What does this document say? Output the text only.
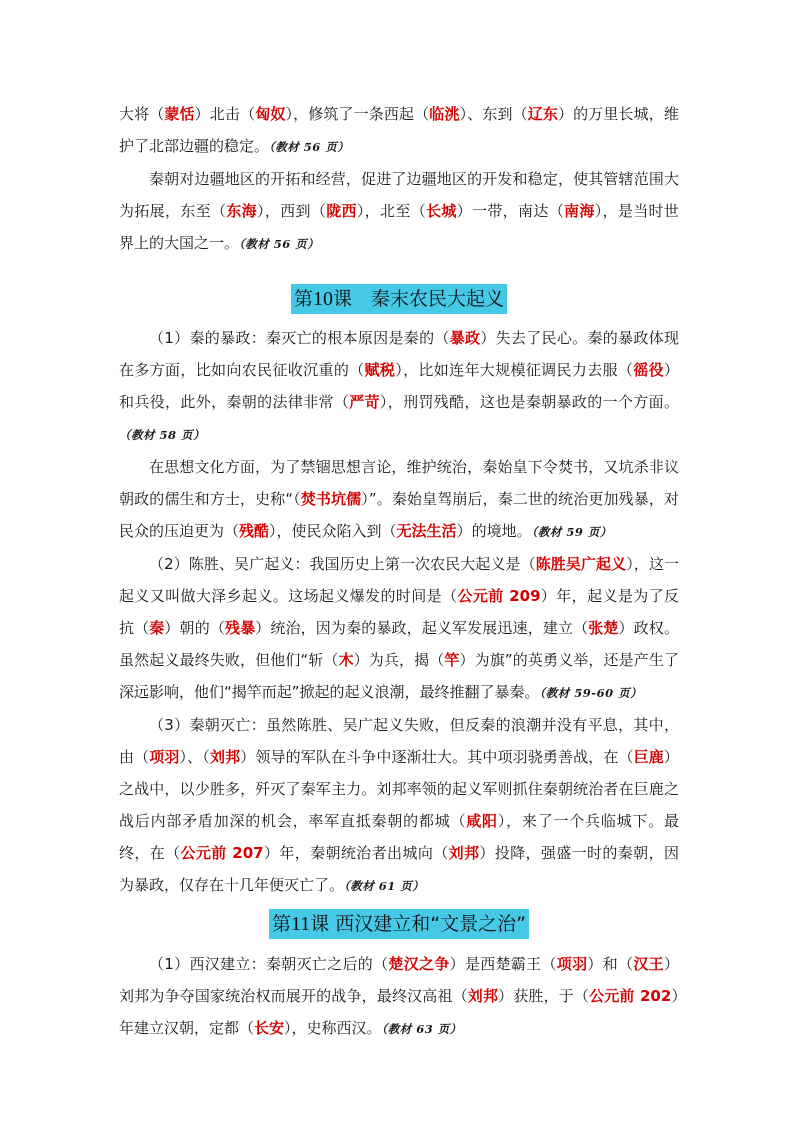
大将（蒙恬）北击（匈奴），修筑了一条西起（临洮）、东到（辽东）的万里长城，维护了北部边疆的稳定。（教材 56 页）

秦朝对边疆地区的开拓和经营，促进了边疆地区的开发和稳定，使其管辖范围大为拓展，东至（东海），西到（陇西），北至（长城）一带，南达（南海），是当时世界上的大国之一。（教材 56 页）

第10课　秦末农民大起义

（1）秦的暴政：秦灭亡的根本原因是秦的（暴政）失去了民心。秦的暴政体现在多方面，比如向农民征收沉重的（赋税），比如连年大规模征调民力去服（徭役）和兵役，此外，秦朝的法律非常（严苛），刑罚残酷，这也是秦朝暴政的一个方面。（教材 58 页）

在思想文化方面，为了禁锢思想言论，维护统治，秦始皇下令焚书，又坑杀非议朝政的儒生和方士，史称“（焚书坑儒）”。秦始皇驾崩后，秦二世的统治更加残暴，对民众的压迫更为（残酷），使民众陷入到（无法生活）的境地。（教材 59 页）

（2）陈胜、吴广起义：我国历史上第一次农民大起义是（陈胜吴广起义），这一起义又叫做大泽乡起义。这场起义爆发的时间是（公元前 209）年，起义是为了反抗（秦）朝的（残暴）统治，因为秦的暴政，起义军发展迅速，建立（张楚）政权。虽然起义最终失败，但他们“斩（木）为兵，揭（竿）为旗”的英勇义举，还是产生了深远影响，他们“揭竿而起”掀起的起义浪潮，最终推翻了暴秦。（教材 59-60 页）

（3）秦朝灭亡：虽然陈胜、吴广起义失败，但反秦的浪潮并没有平息，其中，由（项羽）、（刘邦）领导的军队在斗争中逐渐壮大。其中项羽骁勇善战，在（巨鹿）之战中，以少胜多，歼灭了秦军主力。刘邦率领的起义军则抓住秦朝统治者在巨鹿之战后内部矛盾加深的机会，率军直抵秦朝的都城（咸阳），来了一个兵临城下。最终，在（公元前 207）年，秦朝统治者出城向（刘邦）投降，强盛一时的秦朝，因为暴政，仅存在十几年便灭亡了。（教材 61 页）

第11课 西汉建立和“文景之治”

（1）西汉建立：秦朝灭亡之后的（楚汉之争）是西楚霸王（项羽）和（汉王）刘邦为争夺国家统治权而展开的战争，最终汉高祖（刘邦）获胜，于（公元前 202）年建立汉朝，定都（长安），史称西汉。（教材 63 页）
